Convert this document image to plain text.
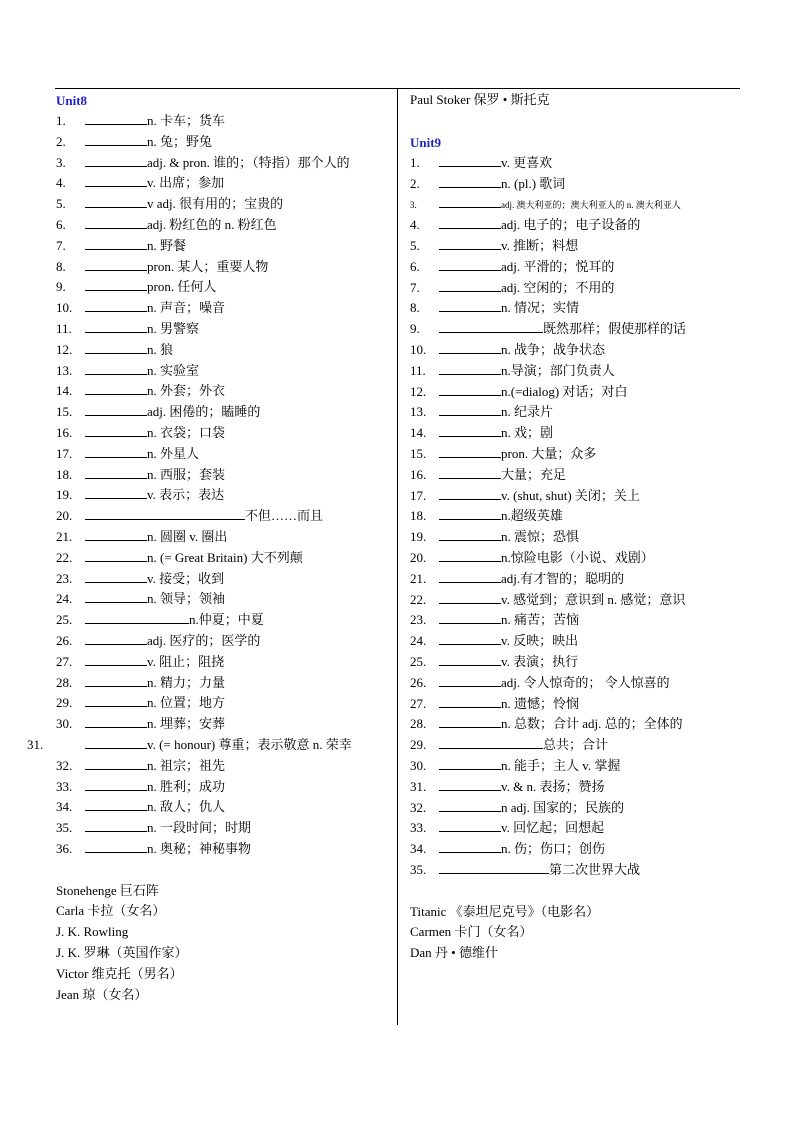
Unit8
1.	n. 卡车；货车
2.	n. 兔；野兔
3.	adj. & pron. 谁的；（特指）那个人的
4.	v. 出席；参加
5.	v adj. 很有用的；宝贵的
6.	adj. 粉红色的 n. 粉红色
7.	n. 野餐
8.	pron. 某人；重要人物
9.	pron. 任何人
10.	n. 声音；噪音
11.	n. 男警察
12.	n. 狼
13.	n. 实验室
14.	n. 外套；外衣
15.	adj. 困倦的；瞌睡的
16.	n. 衣袋；口袋
17.	n. 外星人
18.	n. 西服；套装
19.	v. 表示；表达
20.	不但……而且
21.	n. 圆圈 v. 圈出
22.	n. (= Great Britain) 大不列颠
23.	v. 接受；收到
24.	n. 领导；领袖
25.	n.仲夏；中夏
26.	adj. 医疗的；医学的
27.	v. 阻止；阻挠
28.	n. 精力；力量
29.	n. 位置；地方
30.	n. 埋葬；安葬
31.	v. (= honour) 尊重；表示敬意 n. 荣幸
32.	n. 祖宗；祖先
33.	n. 胜利；成功
34.	n. 敌人；仇人
35.	n. 一段时间；时期
36.	n. 奥秘；神秘事物
Stonehenge 巨石阵
Carla 卡拉（女名）
J. K. Rowling
J. K. 罗琳（英国作家）
Victor 维克托（男名）
Jean 琼（女名）
Paul Stoker 保罗 • 斯托克
Unit9
1.	v. 更喜欢
2.	n. (pl.) 歌词
3.	adj. 澳大利亚的；澳大利亚人的 n. 澳大利亚人
4.	adj. 电子的；电子设备的
5.	v. 推断；料想
6.	adj. 平滑的；悦耳的
7.	adj. 空闲的；不用的
8.	n. 情况；实情
9.	既然那样；假使那样的话
10.	n. 战争；战争状态
11.	n.导演；部门负责人
12.	n.(=dialog) 对话；对白
13.	n. 纪录片
14.	n. 戏；剧
15.	pron. 大量；众多
16.	大量；充足
17.	v. (shut, shut) 关闭；关上
18.	n.超级英雄
19.	n. 震惊；恐惧
20.	n.惊险电影（小说、戏剧）
21.	adj.有才智的；聪明的
22.	v. 感觉到；意识到 n. 感觉；意识
23.	n. 痛苦；苦恼
24.	v. 反映；映出
25.	v. 表演；执行
26.	adj. 令人惊奇的； 令人惊喜的
27.	n. 遗憾；怜悯
28.	n. 总数；合计 adj. 总的；全体的
29.	总共；合计
30.	n. 能手；主人 v. 掌握
31.	v. & n. 表扬；赞扬
32.	n adj. 国家的；民族的
33.	v. 回忆起；回想起
34.	n. 伤；伤口；创伤
35.	第二次世界大战
Titanic 《泰坦尼克号》（电影名）
Carmen 卡门（女名）
Dan 丹 • 德维什
